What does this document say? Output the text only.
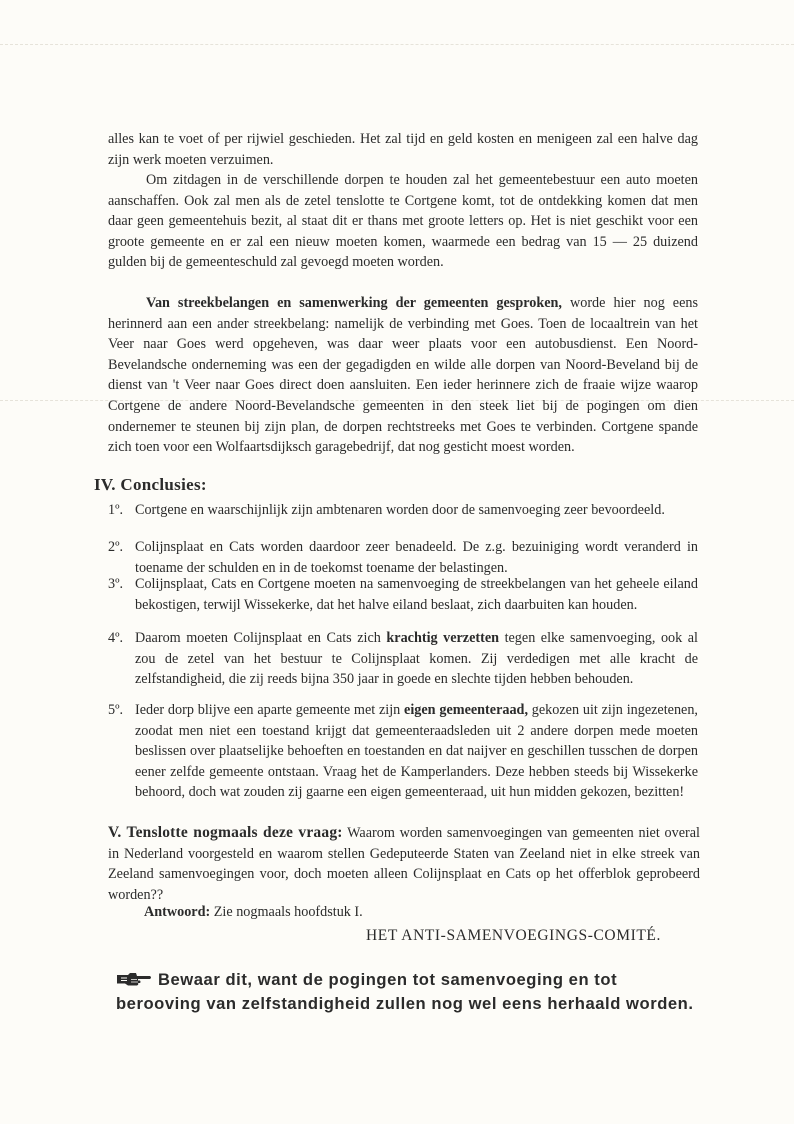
alles kan te voet of per rijwiel geschieden. Het zal tijd en geld kosten en menigeen zal een halve dag zijn werk moeten verzuimen.

Om zitdagen in de verschillende dorpen te houden zal het gemeentebestuur een auto moeten aanschaffen. Ook zal men als de zetel tenslotte te Cortgene komt, tot de ontdekking komen dat men daar geen gemeentehuis bezit, al staat dit er thans met groote letters op. Het is niet geschikt voor een groote gemeente en er zal een nieuw moeten komen, waarmede een bedrag van 15 — 25 duizend gulden bij de gemeenteschuld zal gevoegd moeten worden.

Van streekbelangen en samenwerking der gemeenten gesproken, worde hier nog eens herinnerd aan een ander streekbelang: namelijk de verbinding met Goes. Toen de locaaltrein van het Veer naar Goes werd opgeheven, was daar weer plaats voor een autobusdienst. Een Noord-Bevelandsche onderneming was een der gegadigden en wilde alle dorpen van Noord-Beveland bij de dienst van 't Veer naar Goes direct doen aansluiten. Een ieder herinnere zich de fraaie wijze waarop Cortgene de andere Noord-Bevelandsche gemeenten in den steek liet bij de pogingen om dien ondernemer te steunen bij zijn plan, de dorpen rechtstreeks met Goes te verbinden. Cortgene spande zich toen voor een Wolfaartsdijksch garagebedrijf, dat nog gesticht moest worden.

IV. Conclusies:

1º. Cortgene en waarschijnlijk zijn ambtenaren worden door de samenvoeging zeer bevoordeeld.

2º. Colijnsplaat en Cats worden daardoor zeer benadeeld. De z.g. bezuiniging wordt veranderd in toename der schulden en in de toekomst toename der belastingen.

3º. Colijnsplaat, Cats en Cortgene moeten na samenvoeging de streekbelangen van het geheele eiland bekostigen, terwijl Wissekerke, dat het halve eiland beslaat, zich daarbuiten kan houden.

4º. Daarom moeten Colijnsplaat en Cats zich krachtig verzetten tegen elke samenvoeging, ook al zou de zetel van het bestuur te Colijnsplaat komen. Zij verdedigen met alle kracht de zelfstandigheid, die zij reeds bijna 350 jaar in goede en slechte tijden hebben behouden.

5º. Ieder dorp blijve een aparte gemeente met zijn eigen gemeenteraad, gekozen uit zijn ingezetenen, zoodat men niet een toestand krijgt dat gemeenteraadsleden uit 2 andere dorpen mede moeten beslissen over plaatselijke behoeften en toestanden en dat naijver en geschillen tusschen de dorpen eener zelfde gemeente ontstaan. Vraag het de Kamperlanders. Deze hebben steeds bij Wissekerke behoord, doch wat zouden zij gaarne een eigen gemeenteraad, uit hun midden gekozen, bezitten!

V. Tenslotte nogmaals deze vraag: Waarom worden samenvoegingen van gemeenten niet overal in Nederland voorgesteld en waarom stellen Gedeputeerde Staten van Zeeland niet in elke streek van Zeeland samenvoegingen voor, doch moeten alleen Colijnsplaat en Cats op het offerblok geprobeerd worden??

Antwoord: Zie nogmaals hoofdstuk I.
HET ANTI-SAMENVOEGINGS-COMITÉ.
Bewaar dit, want de pogingen tot samenvoeging en tot berooving van zelfstandigheid zullen nog wel eens herhaald worden.
